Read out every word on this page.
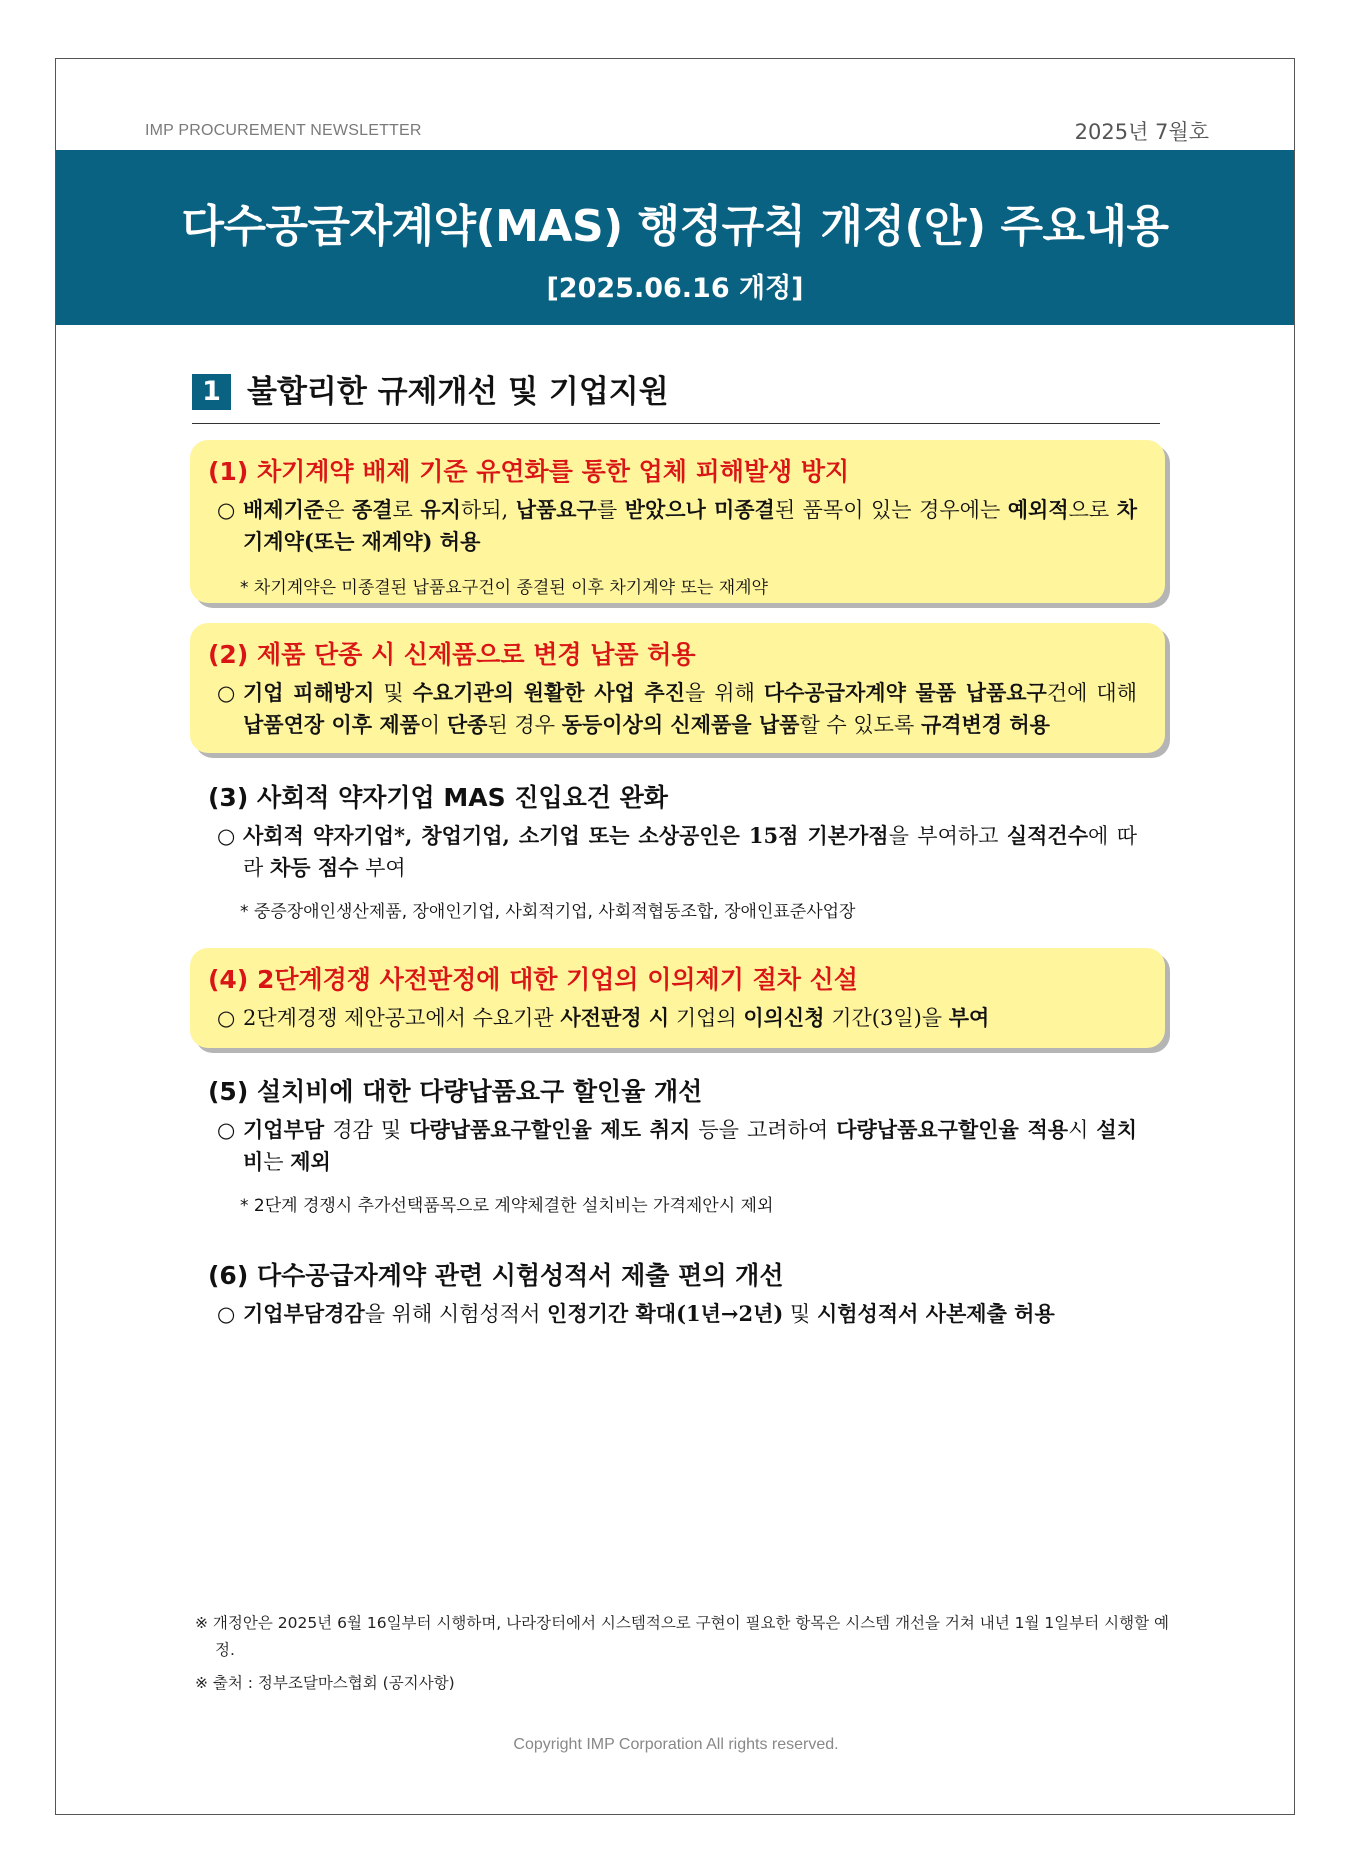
IMP PROCUREMENT NEWSLETTER	2025년 7월호
다수공급자계약(MAS) 행정규칙 개정(안) 주요내용
[2025.06.16 개정]
1 불합리한 규제개선 및 기업지원
(1) 차기계약 배제 기준 유연화를 통한 업체 피해발생 방지
○ 배제기준은 종결로 유지하되, 납품요구를 받았으나 미종결된 품목이 있는 경우에는 예외적으로 차기계약(또는 재계약) 허용
* 차기계약은 미종결된 납품요구건이 종결된 이후 차기계약 또는 재계약
(2) 제품 단종 시 신제품으로 변경 납품 허용
○ 기업 피해방지 및 수요기관의 원활한 사업 추진을 위해 다수공급자계약 물품 납품요구건에 대해 납품연장 이후 제품이 단종된 경우 동등이상의 신제품을 납품할 수 있도록 규격변경 허용
(3) 사회적 약자기업 MAS 진입요건 완화
○ 사회적 약자기업*, 창업기업, 소기업 또는 소상공인은 15점 기본가점을 부여하고 실적건수에 따라 차등 점수 부여
* 중증장애인생산제품, 장애인기업, 사회적기업, 사회적협동조합, 장애인표준사업장
(4) 2단계경쟁 사전판정에 대한 기업의 이의제기 절차 신설
○ 2단계경쟁 제안공고에서 수요기관 사전판정 시 기업의 이의신청 기간(3일)을 부여
(5) 설치비에 대한 다량납품요구 할인율 개선
○ 기업부담 경감 및 다량납품요구할인율 제도 취지 등을 고려하여 다량납품요구할인율 적용시 설치비는 제외
* 2단계 경쟁시 추가선택품목으로 계약체결한 설치비는 가격제안시 제외
(6) 다수공급자계약 관련 시험성적서 제출 편의 개선
○ 기업부담경감을 위해 시험성적서 인정기간 확대(1년→2년) 및 시험성적서 사본제출 허용
※ 개정안은 2025년 6월 16일부터 시행하며, 나라장터에서 시스템적으로 구현이 필요한 항목은 시스템 개선을 거쳐 내년 1월 1일부터 시행할 예정.
※ 출처 : 정부조달마스협회 (공지사항)
Copyright IMP Corporation All rights reserved.
